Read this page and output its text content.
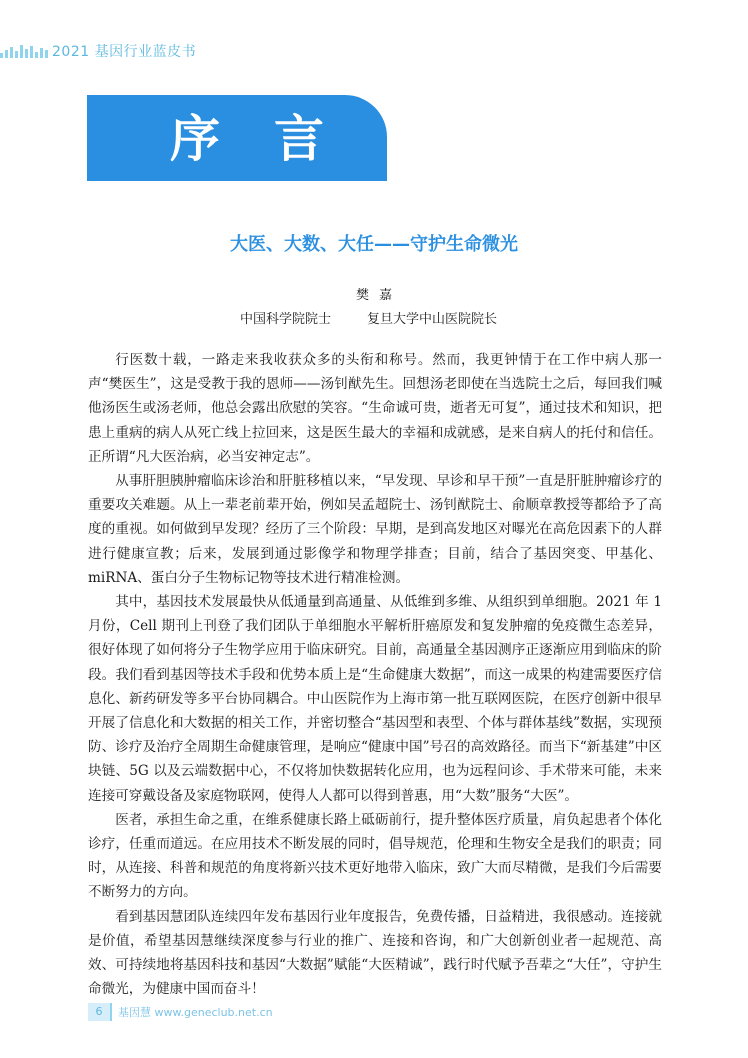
2021 基因行业蓝皮书
序言
大医、大数、大任——守护生命微光
樊嘉
中国科学院院士	复旦大学中山医院院长

行医数十载，一路走来我收获众多的头衔和称号。然而，我更钟情于在工作中病人那一声“樊医生”，这是受教于我的恩师——汤钊猷先生。回想汤老即使在当选院士之后，每回我们喊他汤医生或汤老师，他总会露出欣慰的笑容。“生命诚可贵，逝者无可复”，通过技术和知识，把患上重病的病人从死亡线上拉回来，这是医生最大的幸福和成就感，是来自病人的托付和信任。正所谓“凡大医治病，必当安神定志”。

从事肝胆胰肿瘤临床诊治和肝脏移植以来，“早发现、早诊和早干预”一直是肝脏肿瘤诊疗的重要攻关难题。从上一辈老前辈开始，例如吴孟超院士、汤钊猷院士、俞顺章教授等都给予了高度的重视。如何做到早发现？经历了三个阶段：早期，是到高发地区对曝光在高危因素下的人群进行健康宣教；后来，发展到通过影像学和物理学排查；目前，结合了基因突变、甲基化、miRNA、蛋白分子生物标记物等技术进行精准检测。

其中，基因技术发展最快从低通量到高通量、从低维到多维、从组织到单细胞。2021 年 1 月份，Cell 期刊上刊登了我们团队于单细胞水平解析肝癌原发和复发肿瘤的免疫微生态差异，很好体现了如何将分子生物学应用于临床研究。目前，高通量全基因测序正逐渐应用到临床的阶段。我们看到基因等技术手段和优势本质上是“生命健康大数据”，而这一成果的构建需要医疗信息化、新药研发等多平台协同耦合。中山医院作为上海市第一批互联网医院，在医疗创新中很早开展了信息化和大数据的相关工作，并密切整合“基因型和表型、个体与群体基线”数据，实现预防、诊疗及治疗全周期生命健康管理，是响应“健康中国”号召的高效路径。而当下“新基建”中区块链、5G 以及云端数据中心，不仅将加快数据转化应用，也为远程问诊、手术带来可能，未来连接可穿戴设备及家庭物联网，使得人人都可以得到普惠，用“大数”服务“大医”。

医者，承担生命之重，在维系健康长路上砥砺前行，提升整体医疗质量，肩负起患者个体化诊疗，任重而道远。在应用技术不断发展的同时，倡导规范，伦理和生物安全是我们的职责；同时，从连接、科普和规范的角度将新兴技术更好地带入临床，致广大而尽精微，是我们今后需要不断努力的方向。

看到基因慧团队连续四年发布基因行业年度报告，免费传播，日益精进，我很感动。连接就是价值，希望基因慧继续深度参与行业的推广、连接和咨询，和广大创新创业者一起规范、高效、可持续地将基因科技和基因“大数据”赋能“大医精诚”，践行时代赋予吾辈之“大任”，守护生命微光，为健康中国而奋斗！

6	基因慧 www.geneclub.net.cn
